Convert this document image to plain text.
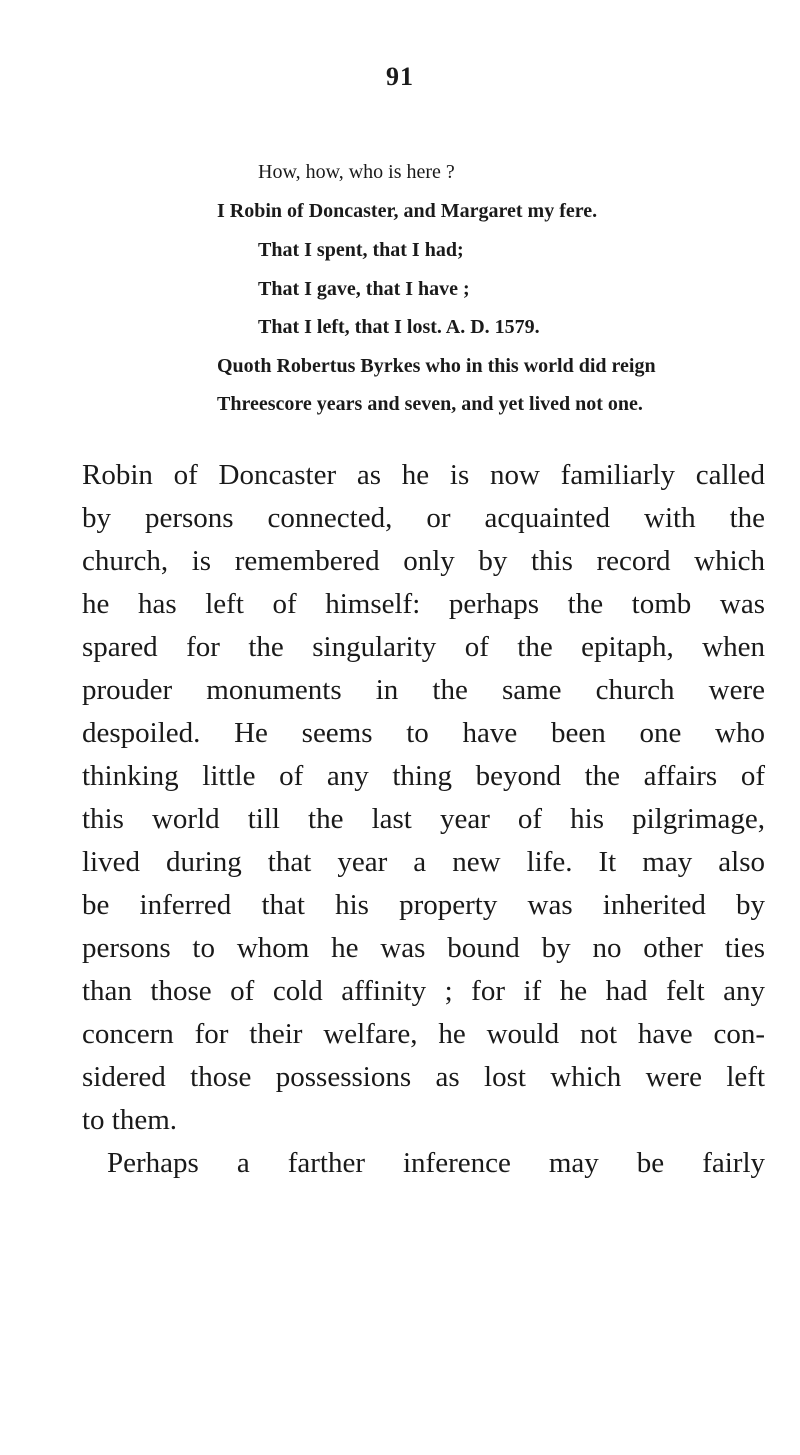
91
How, how, who is here ?
I Robin of Doncaster, and Margaret my fere.
That I spent, that I had;
That I gave, that I have ;
That I left, that I lost. A. D. 1579.
Quoth Robertus Byrkes who in this world did reign
Threescore years and seven, and yet lived not one.
Robin of Doncaster as he is now familiarly called
by persons connected, or acquainted with the
church, is remembered only by this record which
he has left of himself: perhaps the tomb was
spared for the singularity of the epitaph, when
prouder monuments in the same church were
despoiled. He seems to have been one who
thinking little of any thing beyond the affairs of
this world till the last year of his pilgrimage,
lived during that year a new life. It may also
be inferred that his property was inherited by
persons to whom he was bound by no other ties
than those of cold affinity ; for if he had felt any
concern for their welfare, he would not have con-
sidered those possessions as lost which were left
to them.
Perhaps a farther inference may be fairly
